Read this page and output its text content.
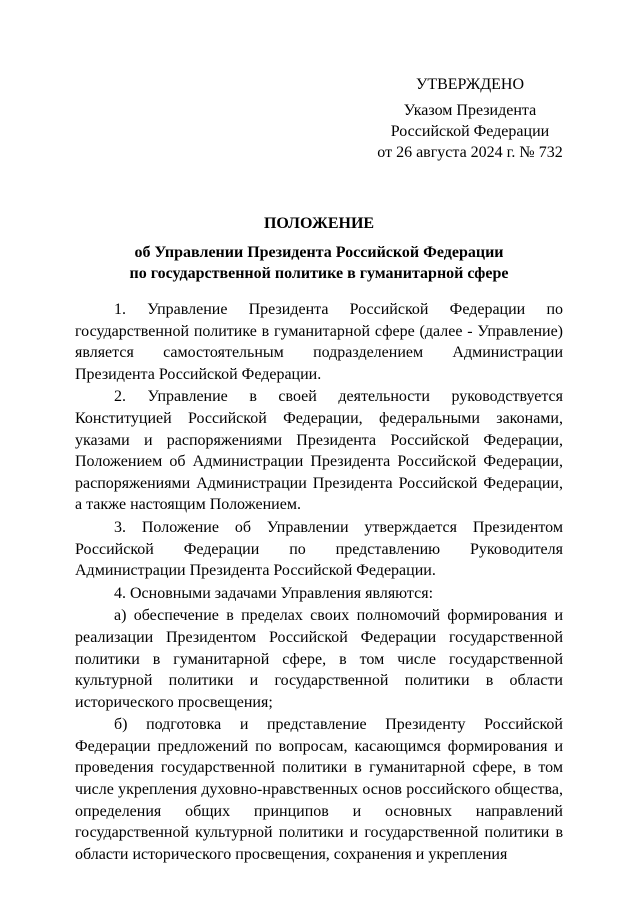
УТВЕРЖДЕНО
Указом Президента
Российской Федерации
от 26 августа 2024 г. № 732
ПОЛОЖЕНИЕ
об Управлении Президента Российской Федерации
по государственной политике в гуманитарной сфере

1. Управление Президента Российской Федерации по государственной политике в гуманитарной сфере (далее - Управление) является самостоятельным подразделением Администрации Президента Российской Федерации.

2. Управление в своей деятельности руководствуется Конституцией Российской Федерации, федеральными законами, указами и распоряжениями Президента Российской Федерации, Положением об Администрации Президента Российской Федерации, распоряжениями Администрации Президента Российской Федерации, а также настоящим Положением.

3. Положение об Управлении утверждается Президентом Российской Федерации по представлению Руководителя Администрации Президента Российской Федерации.

4. Основными задачами Управления являются:

а) обеспечение в пределах своих полномочий формирования и реализации Президентом Российской Федерации государственной политики в гуманитарной сфере, в том числе государственной культурной политики и государственной политики в области исторического просвещения;

б) подготовка и представление Президенту Российской Федерации предложений по вопросам, касающимся формирования и проведения государственной политики в гуманитарной сфере, в том числе укрепления духовно-нравственных основ российского общества, определения общих принципов и основных направлений государственной культурной политики и государственной политики в области исторического просвещения, сохранения и укрепления
